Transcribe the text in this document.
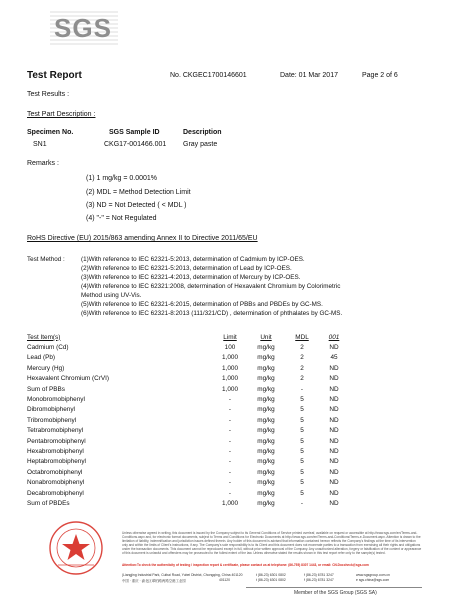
SGS
Test Report	No. CKGEC1700146601	Date: 01 Mar 2017	Page 2 of 6
Test Results :
Test Part Description :
Specimen No.	SGS Sample ID	Description
SN1	CKG17-001466.001 Gray paste
Remarks :
(1) 1 mg/kg = 0.0001%
(2) MDL = Method Detection Limit
(3) ND = Not Detected ( < MDL )
(4) "-" = Not Regulated
RoHS Directive (EU) 2015/863 amending Annex II to Directive 2011/65/EU
Test Method :	(1)With reference to IEC 62321-5:2013, determination of Cadmium by ICP-OES.
(2)With reference to IEC 62321-5:2013, determination of Lead by ICP-OES.
(3)With reference to IEC 62321-4:2013, determination of Mercury by ICP-OES.
(4)With reference to IEC 62321:2008, determination of Hexavalent Chromium by Colorimetric
Method using UV-Vis.
(5)With reference to IEC 62321-6:2015, determination of PBBs and PBDEs by GC-MS.
(6)With reference to IEC 62321-8:2013 (111/321/CD) , determination of phthalates by GC-MS.
Test Item(s)	Limit	Unit	MDL	001
Cadmium (Cd)	100	mg/kg	2	ND
Lead (Pb)	1,000	mg/kg	2	45
Mercury (Hg)	1,000	mg/kg	2	ND
Hexavalent Chromium (CrVI)	1,000	mg/kg	2	ND
Sum of PBBs	1,000	mg/kg	-	ND
Monobromobiphenyl	-	mg/kg	5	ND
Dibromobiphenyl	-	mg/kg	5	ND
Tribromobiphenyl	-	mg/kg	5	ND
Tetrabromobiphenyl	-	mg/kg	5	ND
Pentabromobiphenyl	-	mg/kg	5	ND
Hexabromobiphenyl	-	mg/kg	5	ND
Heptabromobiphenyl	-	mg/kg	5	ND
Octabromobiphenyl	-	mg/kg	5	ND
Nonabromobiphenyl	-	mg/kg	5	ND
Decabromobiphenyl	-	mg/kg	5	ND
Sum of PBDEs	1,000	mg/kg	-	ND
Unless otherwise agreed in writing, this document is issued by the Company subject to its General Conditions of Service printed overleaf, available on request or accessible at http://www.sgs.com/en/Terms-and-Conditions.aspx and, for electronic format documents, subject to Terms and Conditions for Electronic Documents at http://www.sgs.com/en/Terms-and-Conditions/Terms-e-Document.aspx. Attention is drawn to the limitation of liability, indemnification and jurisdiction issues defined therein. Any holder of this document is advised that information contained hereon reflects the Company's findings at the time of its intervention only and within the limits of Client's instructions, if any. The Company's sole responsibility is to its Client and this document does not exonerate parties to a transaction from exercising all their rights and obligations under the transaction documents. This document cannot be reproduced except in full, without prior written approval of the Company. Any unauthorized alteration, forgery or falsification of the content or appearance of this document is unlawful and offenders may be prosecuted to the fullest extent of the law. Unless otherwise stated the results shown in this test report refer only to the sample(s) tested.
Attention:To check the authenticity of testing / inspection report & certificate, please contact us at telephone: (86-755) 8307 1443, or email: CN.Doccheck@sgs.com
(Liangjing Industrial Park, Cuibai Road, Yubei District, Chongqing, China 401120
中国 · 重庆 · 渝北区翠柏路两路空港工业园	401120
t (86-23) 6301 0802
t (86-23) 6301 0802
f (86-23) 6781 3247
f (86-23) 6781 3247
www.sgsgroup.com.cn
e sgs.china@sgs.com
Member of the SGS Group (SGS SA)
